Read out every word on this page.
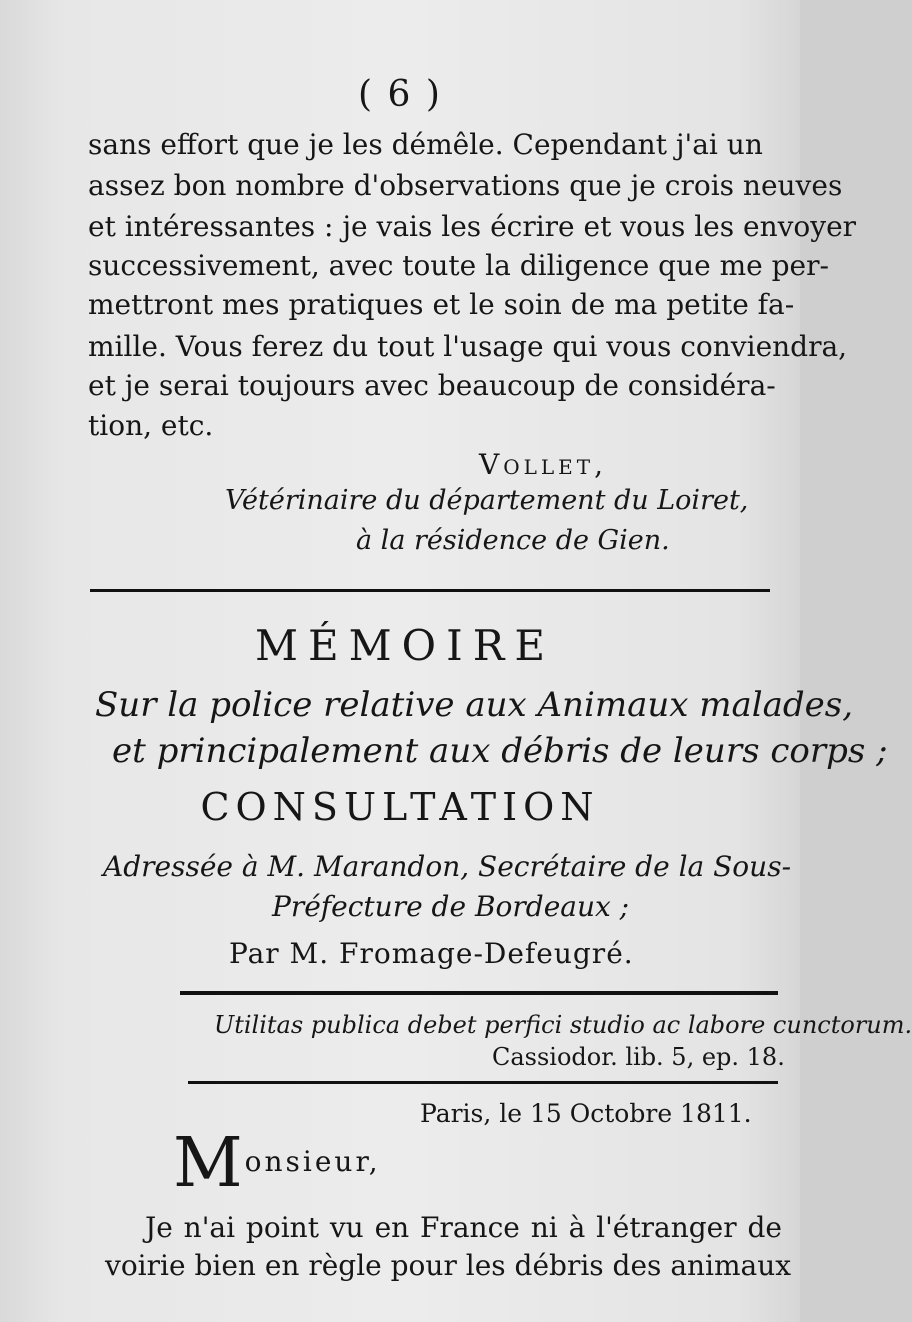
( 6 )
sans effort que je les démêle. Cependant j'ai un
assez bon nombre d'observations que je crois neuves
et intéressantes : je vais les écrire et vous les envoyer
successivement, avec toute la diligence que me per-
mettront mes pratiques et le soin de ma petite fa-
mille. Vous ferez du tout l'usage qui vous conviendra,
et je serai toujours avec beaucoup de considéra-
tion, etc.
Vollet,
Vétérinaire du département du Loiret,
à la résidence de Gien.
MÉMOIRE
Sur la police relative aux Animaux malades,
et principalement aux débris de leurs corps ;
CONSULTATION
Adressée à M. Marandon, Secrétaire de la Sous-
Préfecture de Bordeaux ;
Par M. Fromage-Defeugré.
Utilitas publica debet perfici studio ac labore cunctorum.
Cassiodor. lib. 5, ep. 18.
Paris, le 15 Octobre 1811.
Monsieur,
Je n'ai point vu en France ni à l'étranger de
voirie bien en règle pour les débris des animaux
